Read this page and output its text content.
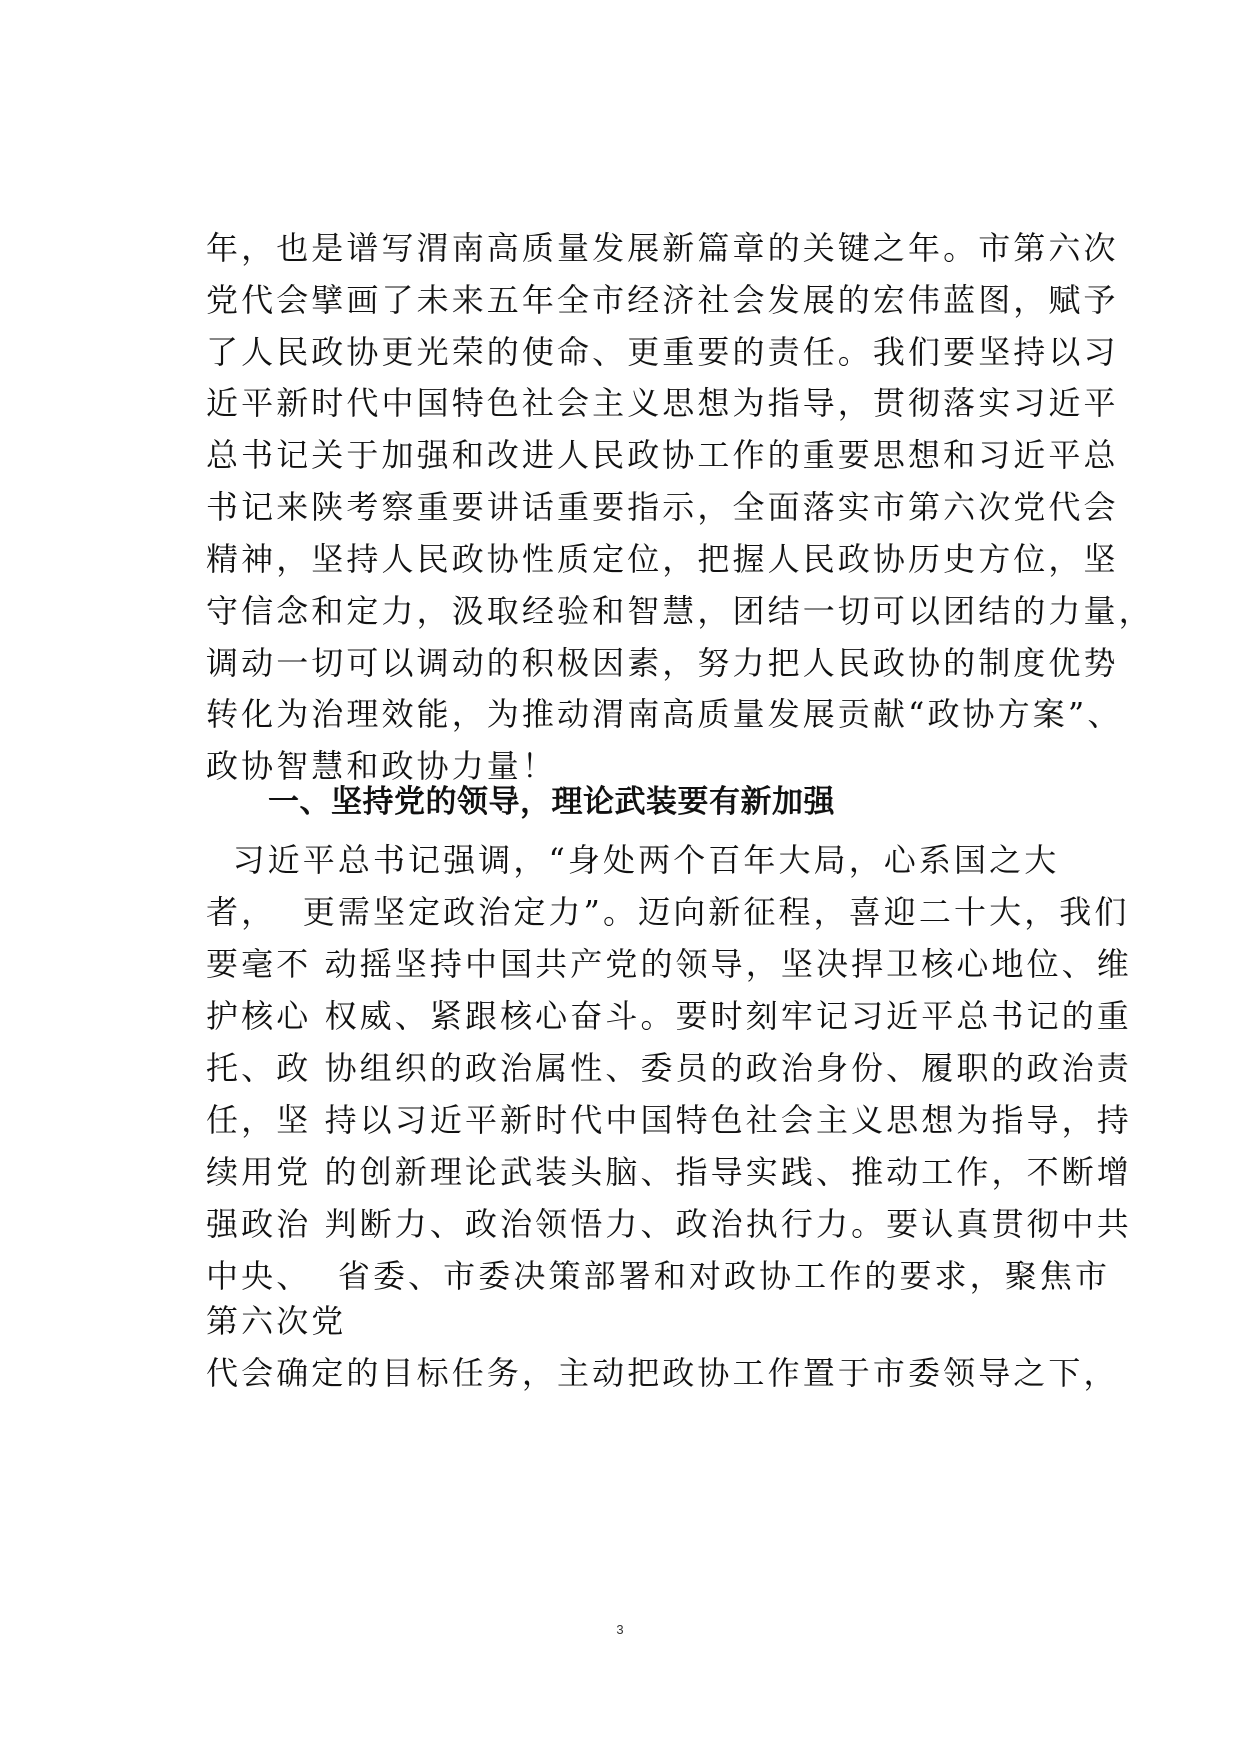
年，也是谱写渭南高质量发展新篇章的关键之年。市第六次
党代会擘画了未来五年全市经济社会发展的宏伟蓝图，赋予
了人民政协更光荣的使命、更重要的责任。我们要坚持以习
近平新时代中国特色社会主义思想为指导，贯彻落实习近平
总书记关于加强和改进人民政协工作的重要思想和习近平总
书记来陕考察重要讲话重要指示，全面落实市第六次党代会
精神，坚持人民政协性质定位，把握人民政协历史方位，坚
守信念和定力，汲取经验和智慧，团结一切可以团结的力量，
调动一切可以调动的积极因素，努力把人民政协的制度优势
转化为治理效能，为推动渭南高质量发展贡献“政协方案”、
政协智慧和政协力量！
一、坚持党的领导，理论武装要有新加强
习近平总书记强调，“身处两个百年大局，心系国之大
者，  更需坚定政治定力”。迈向新征程，喜迎二十大，我们
要毫不 动摇坚持中国共产党的领导，坚决捍卫核心地位、维
护核心 权威、紧跟核心奋斗。要时刻牢记习近平总书记的重
托、政 协组织的政治属性、委员的政治身份、履职的政治责
任，坚 持以习近平新时代中国特色社会主义思想为指导，持
续用党 的创新理论武装头脑、指导实践、推动工作，不断增
强政治 判断力、政治领悟力、政治执行力。要认真贯彻中共
中央、  省委、市委决策部署和对政协工作的要求，聚焦市
第六次党
代会确定的目标任务，主动把政协工作置于市委领导之下，
3
